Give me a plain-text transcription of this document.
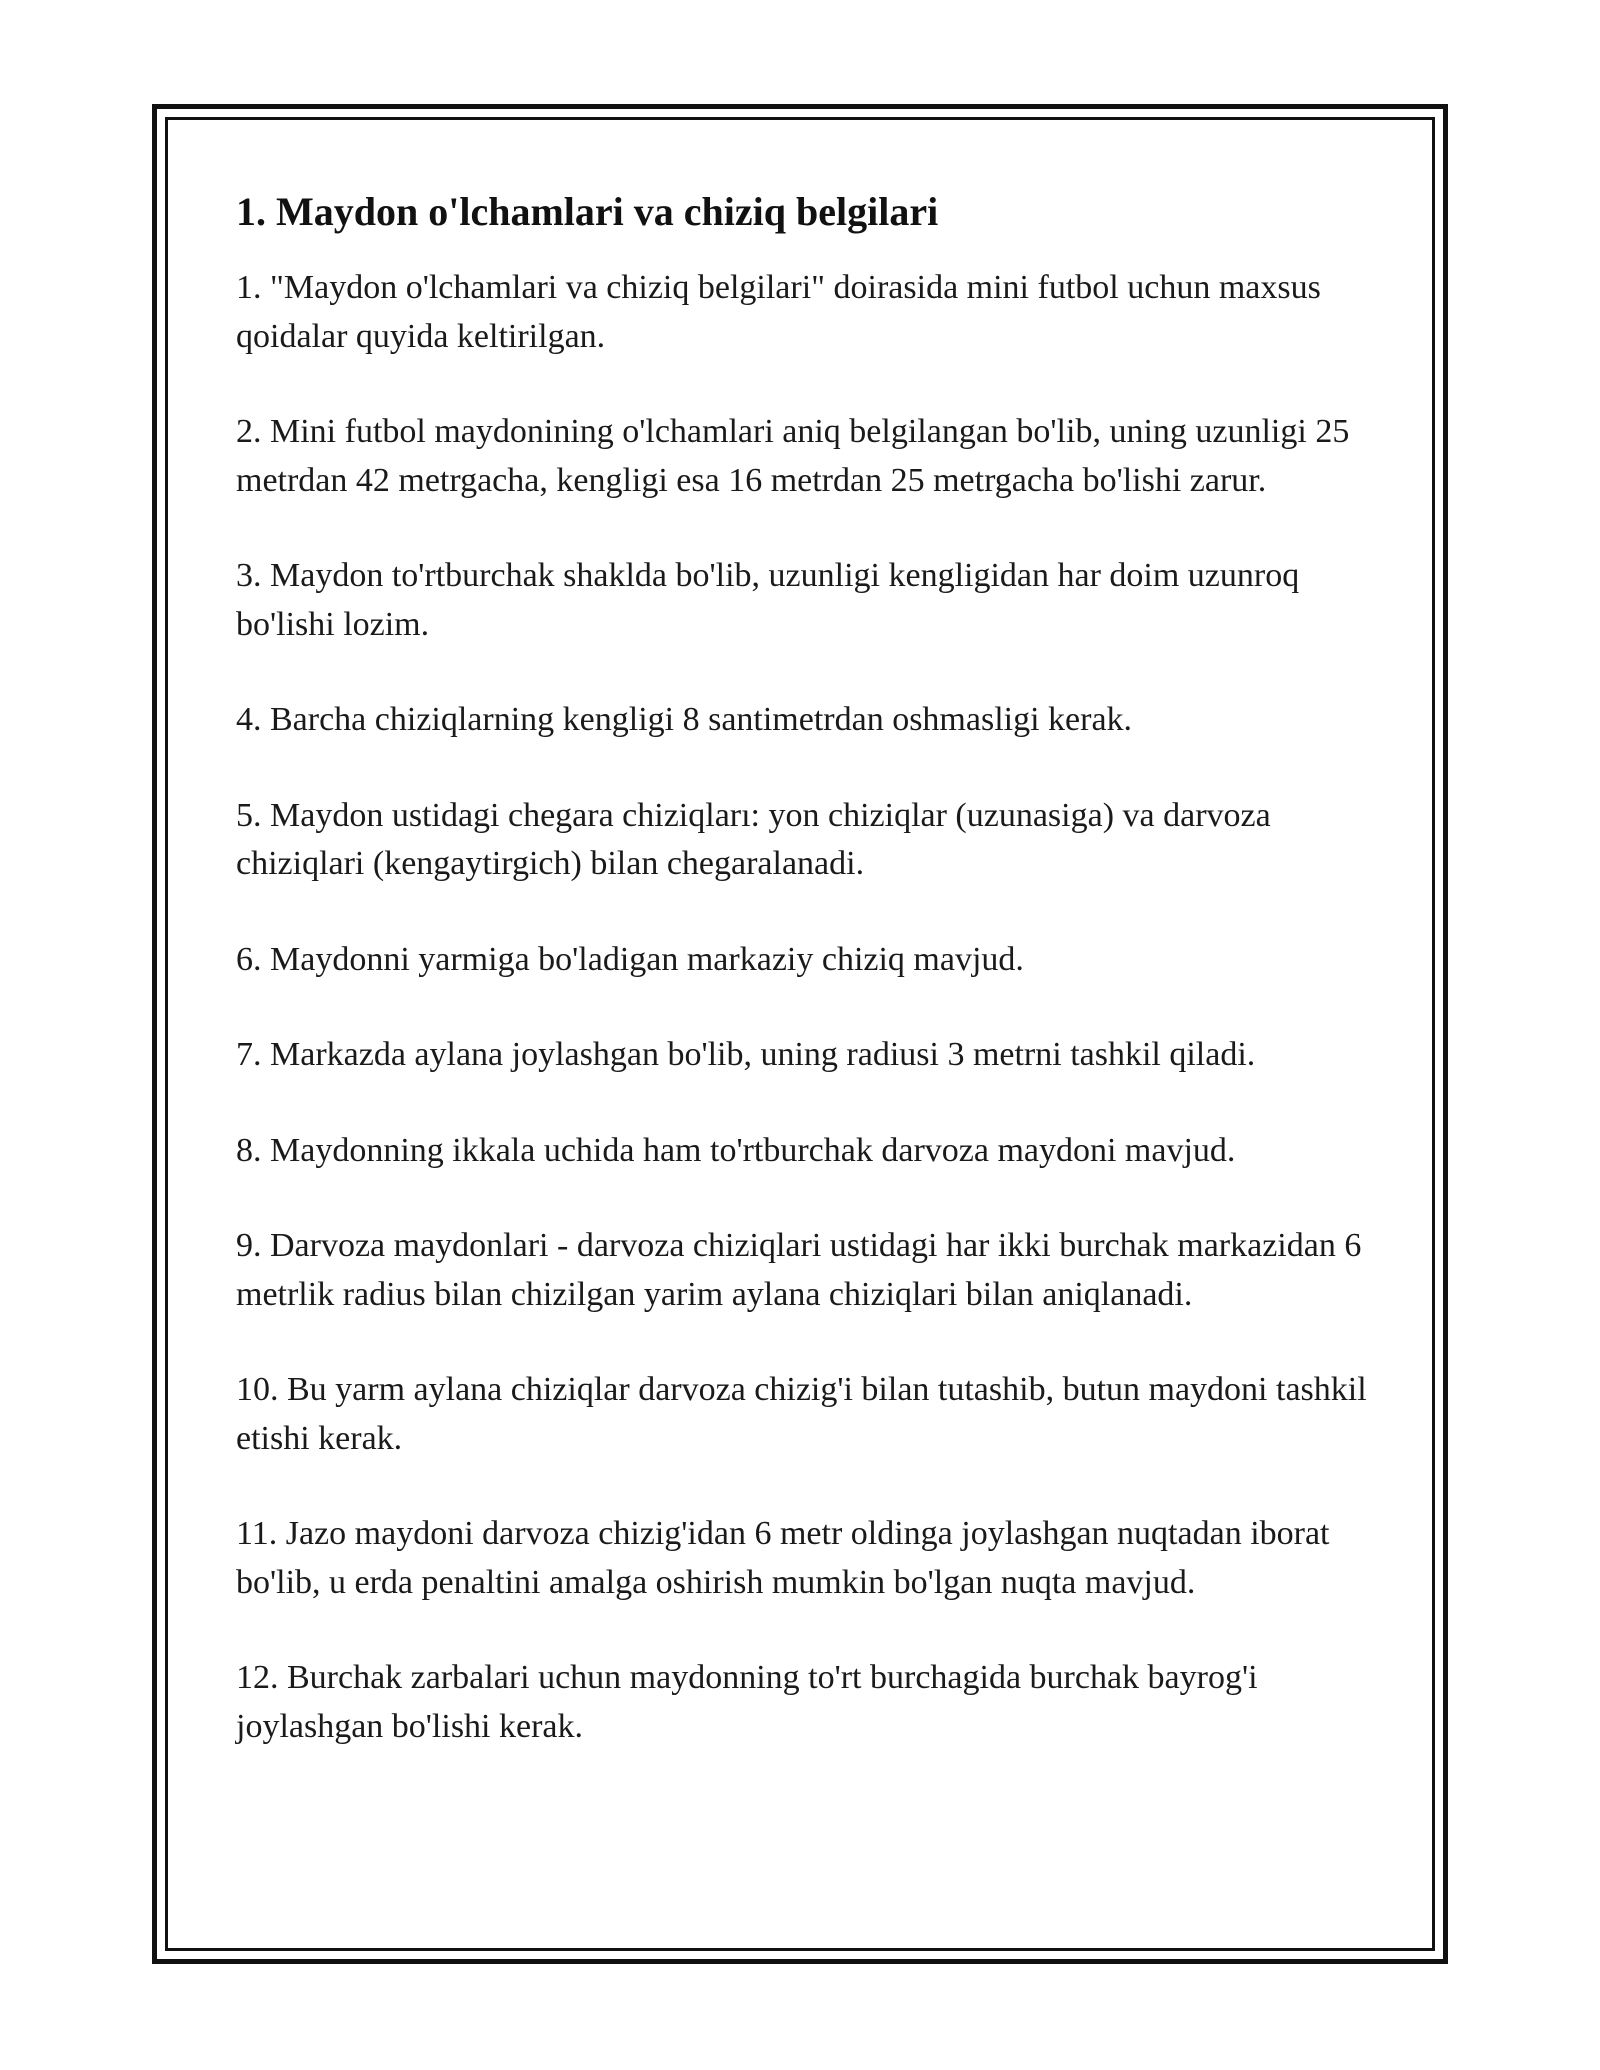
1. Maydon o'lchamlari va chiziq belgilari

1. "Maydon o'lchamlari va chiziq belgilari" doirasida mini futbol uchun maxsus qoidalar quyida keltirilgan.

2. Mini futbol maydonining o'lchamlari aniq belgilangan bo'lib, uning uzunligi 25 metrdan 42 metrgacha, kengligi esa 16 metrdan 25 metrgacha bo'lishi zarur.

3. Maydon to'rtburchak shaklda bo'lib, uzunligi kengligidan har doim uzunroq bo'lishi lozim.

4. Barcha chiziqlarning kengligi 8 santimetrdan oshmasligi kerak.

5. Maydon ustidagi chegara chiziqları: yon chiziqlar (uzunasiga) va darvoza chiziqlari (kengaytirgich) bilan chegaralanadi.

6. Maydonni yarmiga bo'ladigan markaziy chiziq mavjud.

7. Markazda aylana joylashgan bo'lib, uning radiusi 3 metrni tashkil qiladi.

8. Maydonning ikkala uchida ham to'rtburchak darvoza maydoni mavjud.

9. Darvoza maydonlari - darvoza chiziqlari ustidagi har ikki burchak markazidan 6 metrlik radius bilan chizilgan yarim aylana chiziqlari bilan aniqlanadi.

10. Bu yarm aylana chiziqlar darvoza chizig'i bilan tutashib, butun maydoni tashkil etishi kerak.

11. Jazo maydoni darvoza chizig'idan 6 metr oldinga joylashgan nuqtadan iborat bo'lib, u erda penaltini amalga oshirish mumkin bo'lgan nuqta mavjud.

12. Burchak zarbalari uchun maydonning to'rt burchagida burchak bayrog'i joylashgan bo'lishi kerak.
